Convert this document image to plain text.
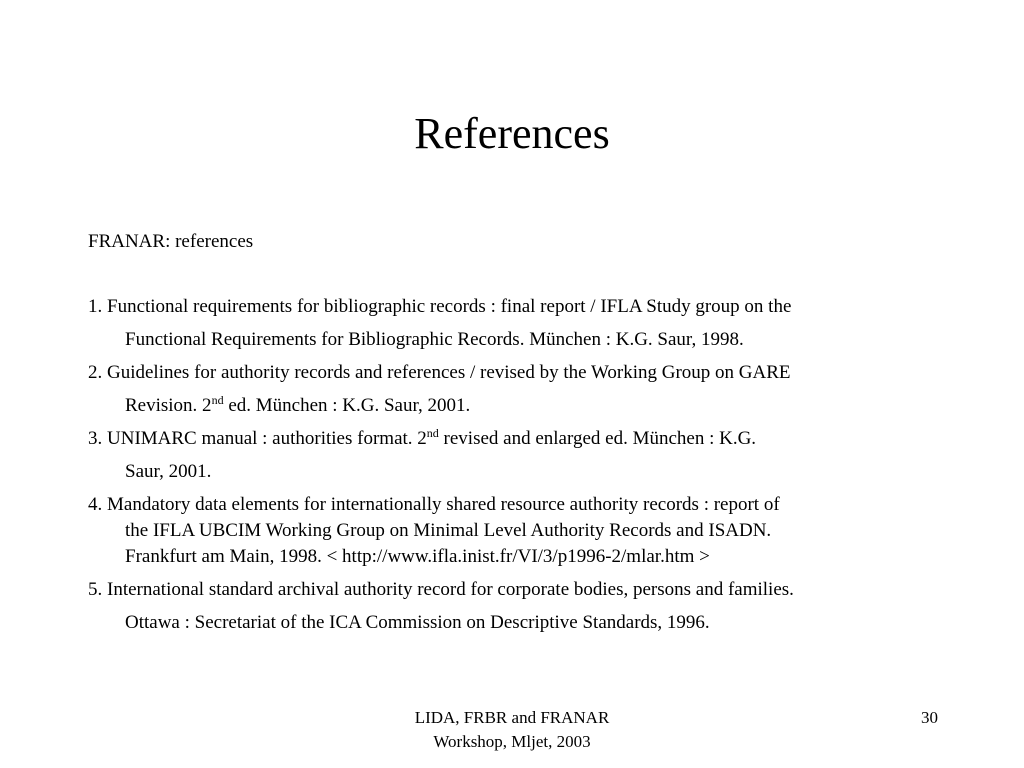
References
FRANAR: references
1. Functional requirements for bibliographic records : final report / IFLA Study group on the
Functional Requirements for Bibliographic Records. München : K.G. Saur, 1998.
2. Guidelines for authority records and references / revised by the Working Group on GARE
Revision. 2nd ed. München : K.G. Saur, 2001.
3. UNIMARC manual : authorities format. 2nd revised and enlarged ed. München : K.G.
Saur, 2001.
4. Mandatory data elements for internationally shared resource authority records : report of
the IFLA UBCIM Working Group on Minimal Level Authority Records and ISADN.
Frankfurt am Main, 1998. < http://www.ifla.inist.fr/VI/3/p1996-2/mlar.htm >
5. International standard archival authority record for corporate bodies, persons and families.
Ottawa : Secretariat of the ICA Commission on Descriptive Standards, 1996.
LIDA, FRBR and FRANAR
Workshop, Mljet, 2003
30
